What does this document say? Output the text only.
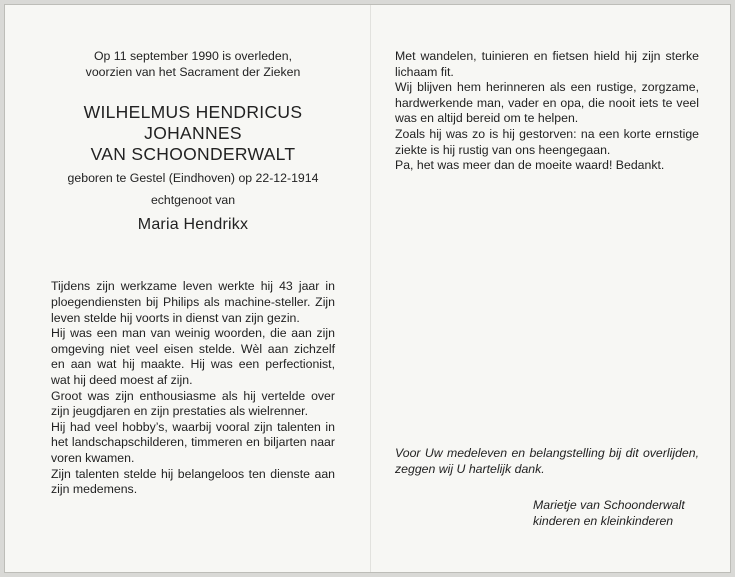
Op 11 september 1990 is overleden,
voorzien van het Sacrament der Zieken
WILHELMUS HENDRICUS
JOHANNES
VAN SCHOONDERWALT
geboren te Gestel (Eindhoven) op 22-12-1914
echtgenoot van
Maria Hendrikx

Tijdens zijn werkzame leven werkte hij 43 jaar in ploegendiensten bij Philips als machine-steller. Zijn leven stelde hij voorts in dienst van zijn gezin.

Hij was een man van weinig woorden, die aan zijn omgeving niet veel eisen stelde. Wèl aan zichzelf en aan wat hij maakte. Hij was een perfectionist, wat hij deed moest af zijn.

Groot was zijn enthousiasme als hij vertelde over zijn jeugdjaren en zijn prestaties als wielrenner.

Hij had veel hobby’s, waarbij vooral zijn talenten in het landschapschilderen, timmeren en biljarten naar voren kwamen.

Zijn talenten stelde hij belangeloos ten dienste aan zijn medemens.

Met wandelen, tuinieren en fietsen hield hij zijn sterke lichaam fit.

Wij blijven hem herinneren als een rustige, zorgzame, hardwerkende man, vader en opa, die nooit iets te veel was en altijd bereid om te helpen.

Zoals hij was zo is hij gestorven: na een korte ernstige ziekte is hij rustig van ons heengegaan.

Pa, het was meer dan de moeite waard! Bedankt.

Voor Uw medeleven en belangstelling bij dit overlijden, zeggen wij U hartelijk dank.
Marietje van Schoonderwalt
kinderen en kleinkinderen
